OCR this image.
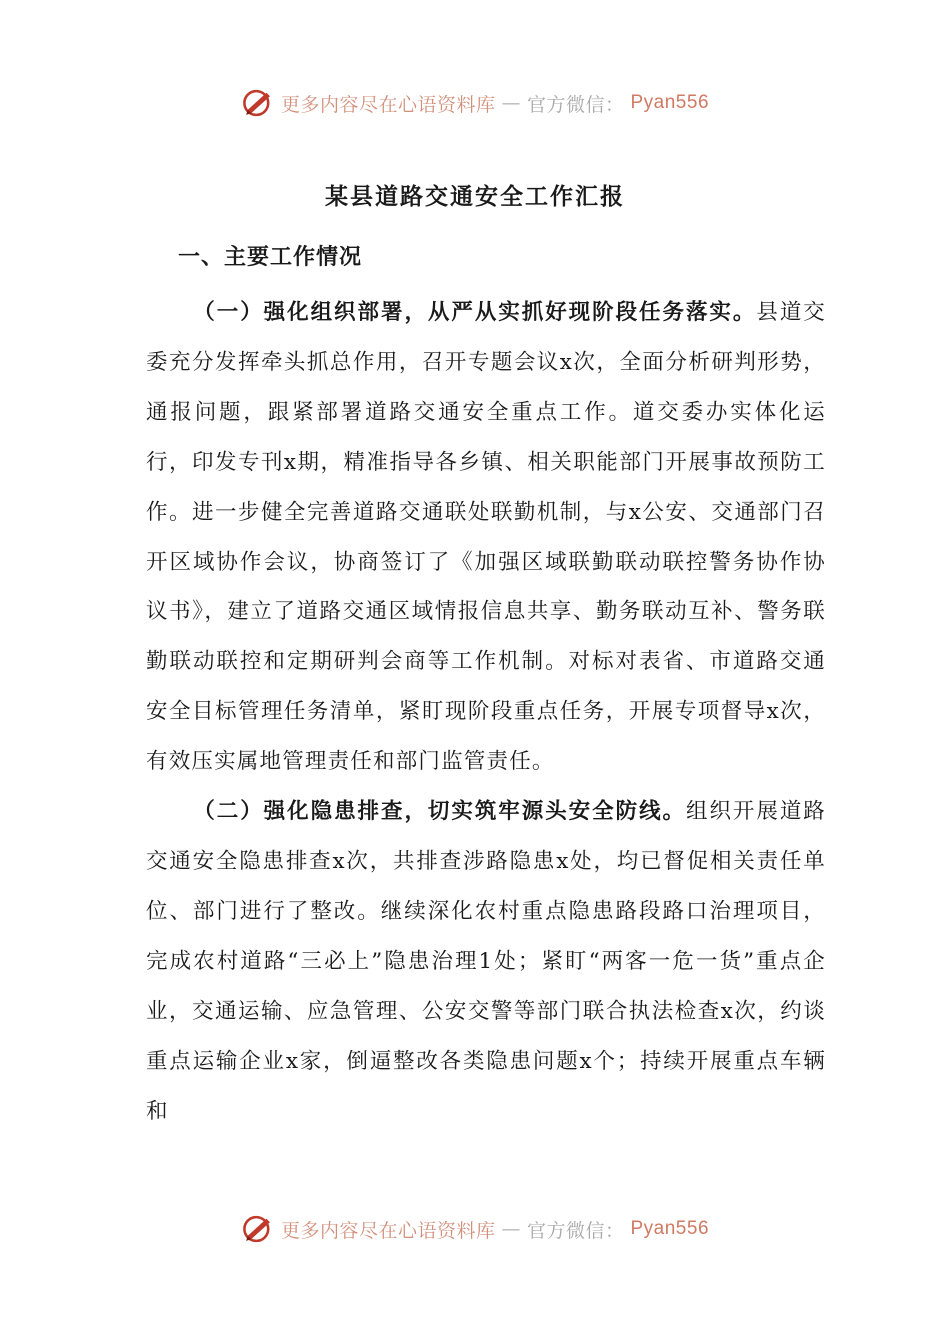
更多内容尽在心语资料库 — 官方微信： Pyan556
某县道路交通安全工作汇报
一、主要工作情况

（一）强化组织部署，从严从实抓好现阶段任务落实。县道交委充分发挥牵头抓总作用，召开专题会议x次，全面分析研判形势，通报问题，跟紧部署道路交通安全重点工作。道交委办实体化运行，印发专刊x期，精准指导各乡镇、相关职能部门开展事故预防工作。进一步健全完善道路交通联处联勤机制，与x公安、交通部门召开区域协作会议，协商签订了《加强区域联勤联动联控警务协作协议书》，建立了道路交通区域情报信息共享、勤务联动互补、警务联勤联动联控和定期研判会商等工作机制。对标对表省、市道路交通安全目标管理任务清单，紧盯现阶段重点任务，开展专项督导x次，有效压实属地管理责任和部门监管责任。

（二）强化隐患排查，切实筑牢源头安全防线。组织开展道路交通安全隐患排查x次，共排查涉路隐患x处，均已督促相关责任单位、部门进行了整改。继续深化农村重点隐患路段路口治理项目，完成农村道路“三必上”隐患治理1处；紧盯“两客一危一货”重点企业，交通运输、应急管理、公安交警等部门联合执法检查x次，约谈重点运输企业x家，倒逼整改各类隐患问题x个；持续开展重点车辆和

更多内容尽在心语资料库 — 官方微信： Pyan556
